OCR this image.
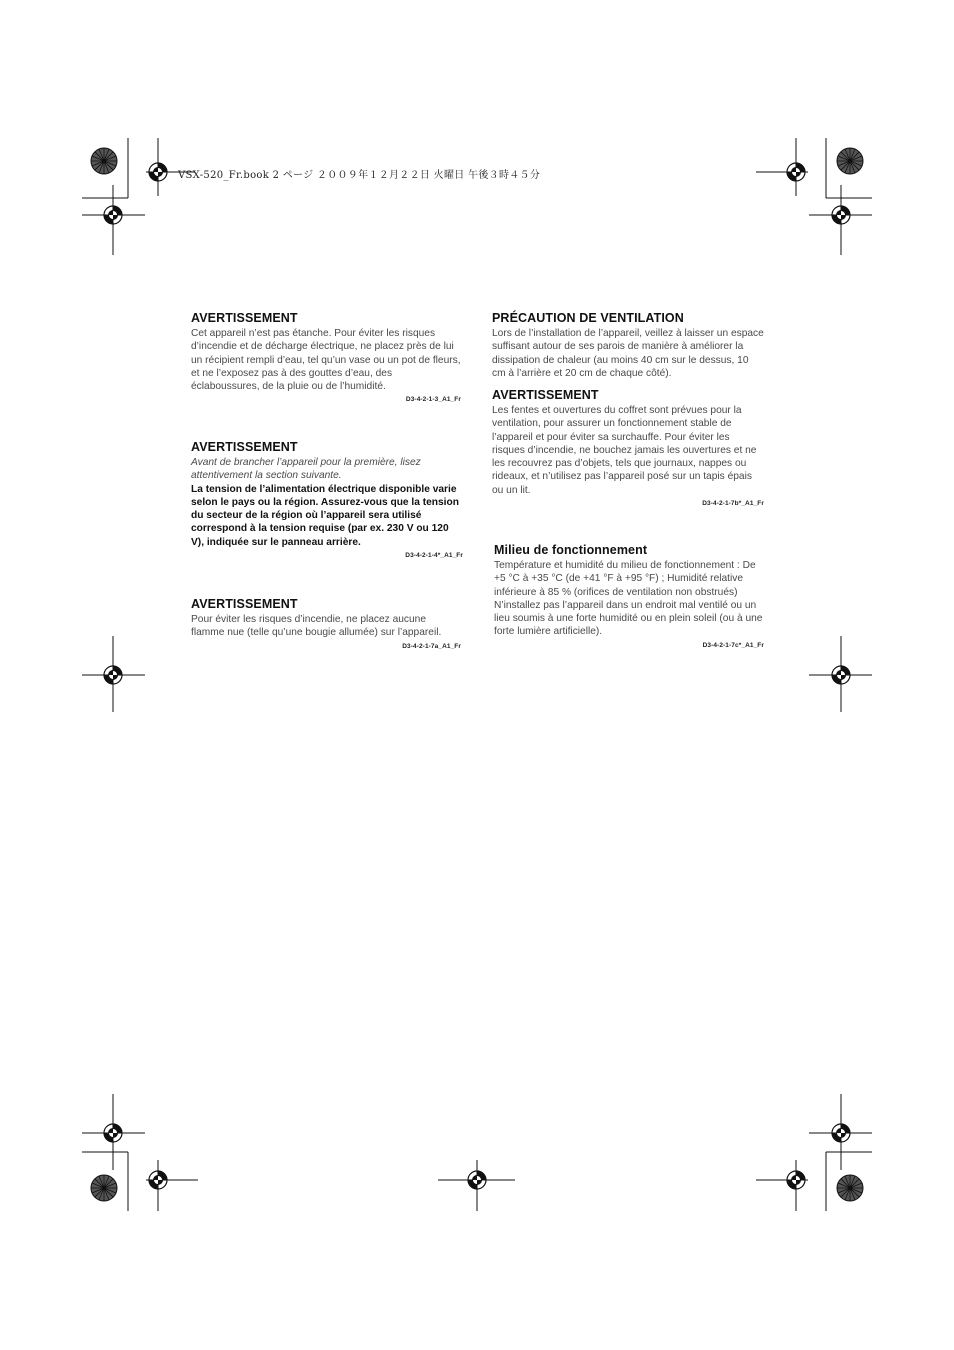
VSX-520_Fr.book 2 ページ ２００９年１２月２２日 火曜日 午後３時４５分
AVERTISSEMENT

Cet appareil n’est pas étanche. Pour éviter les risques d’incendie et de décharge électrique, ne placez près de lui un récipient rempli d’eau, tel qu’un vase ou un pot de fleurs, et ne l’exposez pas à des gouttes d’eau, des éclaboussures, de la pluie ou de l’humidité.

D3-4-2-1-3_A1_Fr
AVERTISSEMENT

Avant de brancher l’appareil pour la première, lisez attentivement la section suivante.

La tension de l’alimentation électrique disponible varie selon le pays ou la région. Assurez-vous que la tension du secteur de la région où l’appareil sera utilisé correspond à la tension requise (par ex. 230 V ou 120 V), indiquée sur le panneau arrière.

D3-4-2-1-4*_A1_Fr
AVERTISSEMENT

Pour éviter les risques d’incendie, ne placez aucune flamme nue (telle qu’une bougie allumée) sur l’appareil.

D3-4-2-1-7a_A1_Fr
PRÉCAUTION DE VENTILATION

Lors de l’installation de l’appareil, veillez à laisser un espace suffisant autour de ses parois de manière à améliorer la dissipation de chaleur (au moins 40 cm sur le dessus, 10 cm à l’arrière et 20 cm de chaque côté).

AVERTISSEMENT

Les fentes et ouvertures du coffret sont prévues pour la ventilation, pour assurer un fonctionnement stable de l’appareil et pour éviter sa surchauffe. Pour éviter les risques d’incendie, ne bouchez jamais les ouvertures et ne les recouvrez pas d’objets, tels que journaux, nappes ou rideaux, et n’utilisez pas l’appareil posé sur un tapis épais ou un lit.

D3-4-2-1-7b*_A1_Fr
Milieu de fonctionnement

Température et humidité du milieu de fonctionnement : De +5 °C à +35 °C (de +41 °F à +95 °F) ; Humidité relative inférieure à 85 % (orifices de ventilation non obstrués)

N’installez pas l’appareil dans un endroit mal ventilé ou un lieu soumis à une forte humidité ou en plein soleil (ou à une forte lumière artificielle).

D3-4-2-1-7c*_A1_Fr
